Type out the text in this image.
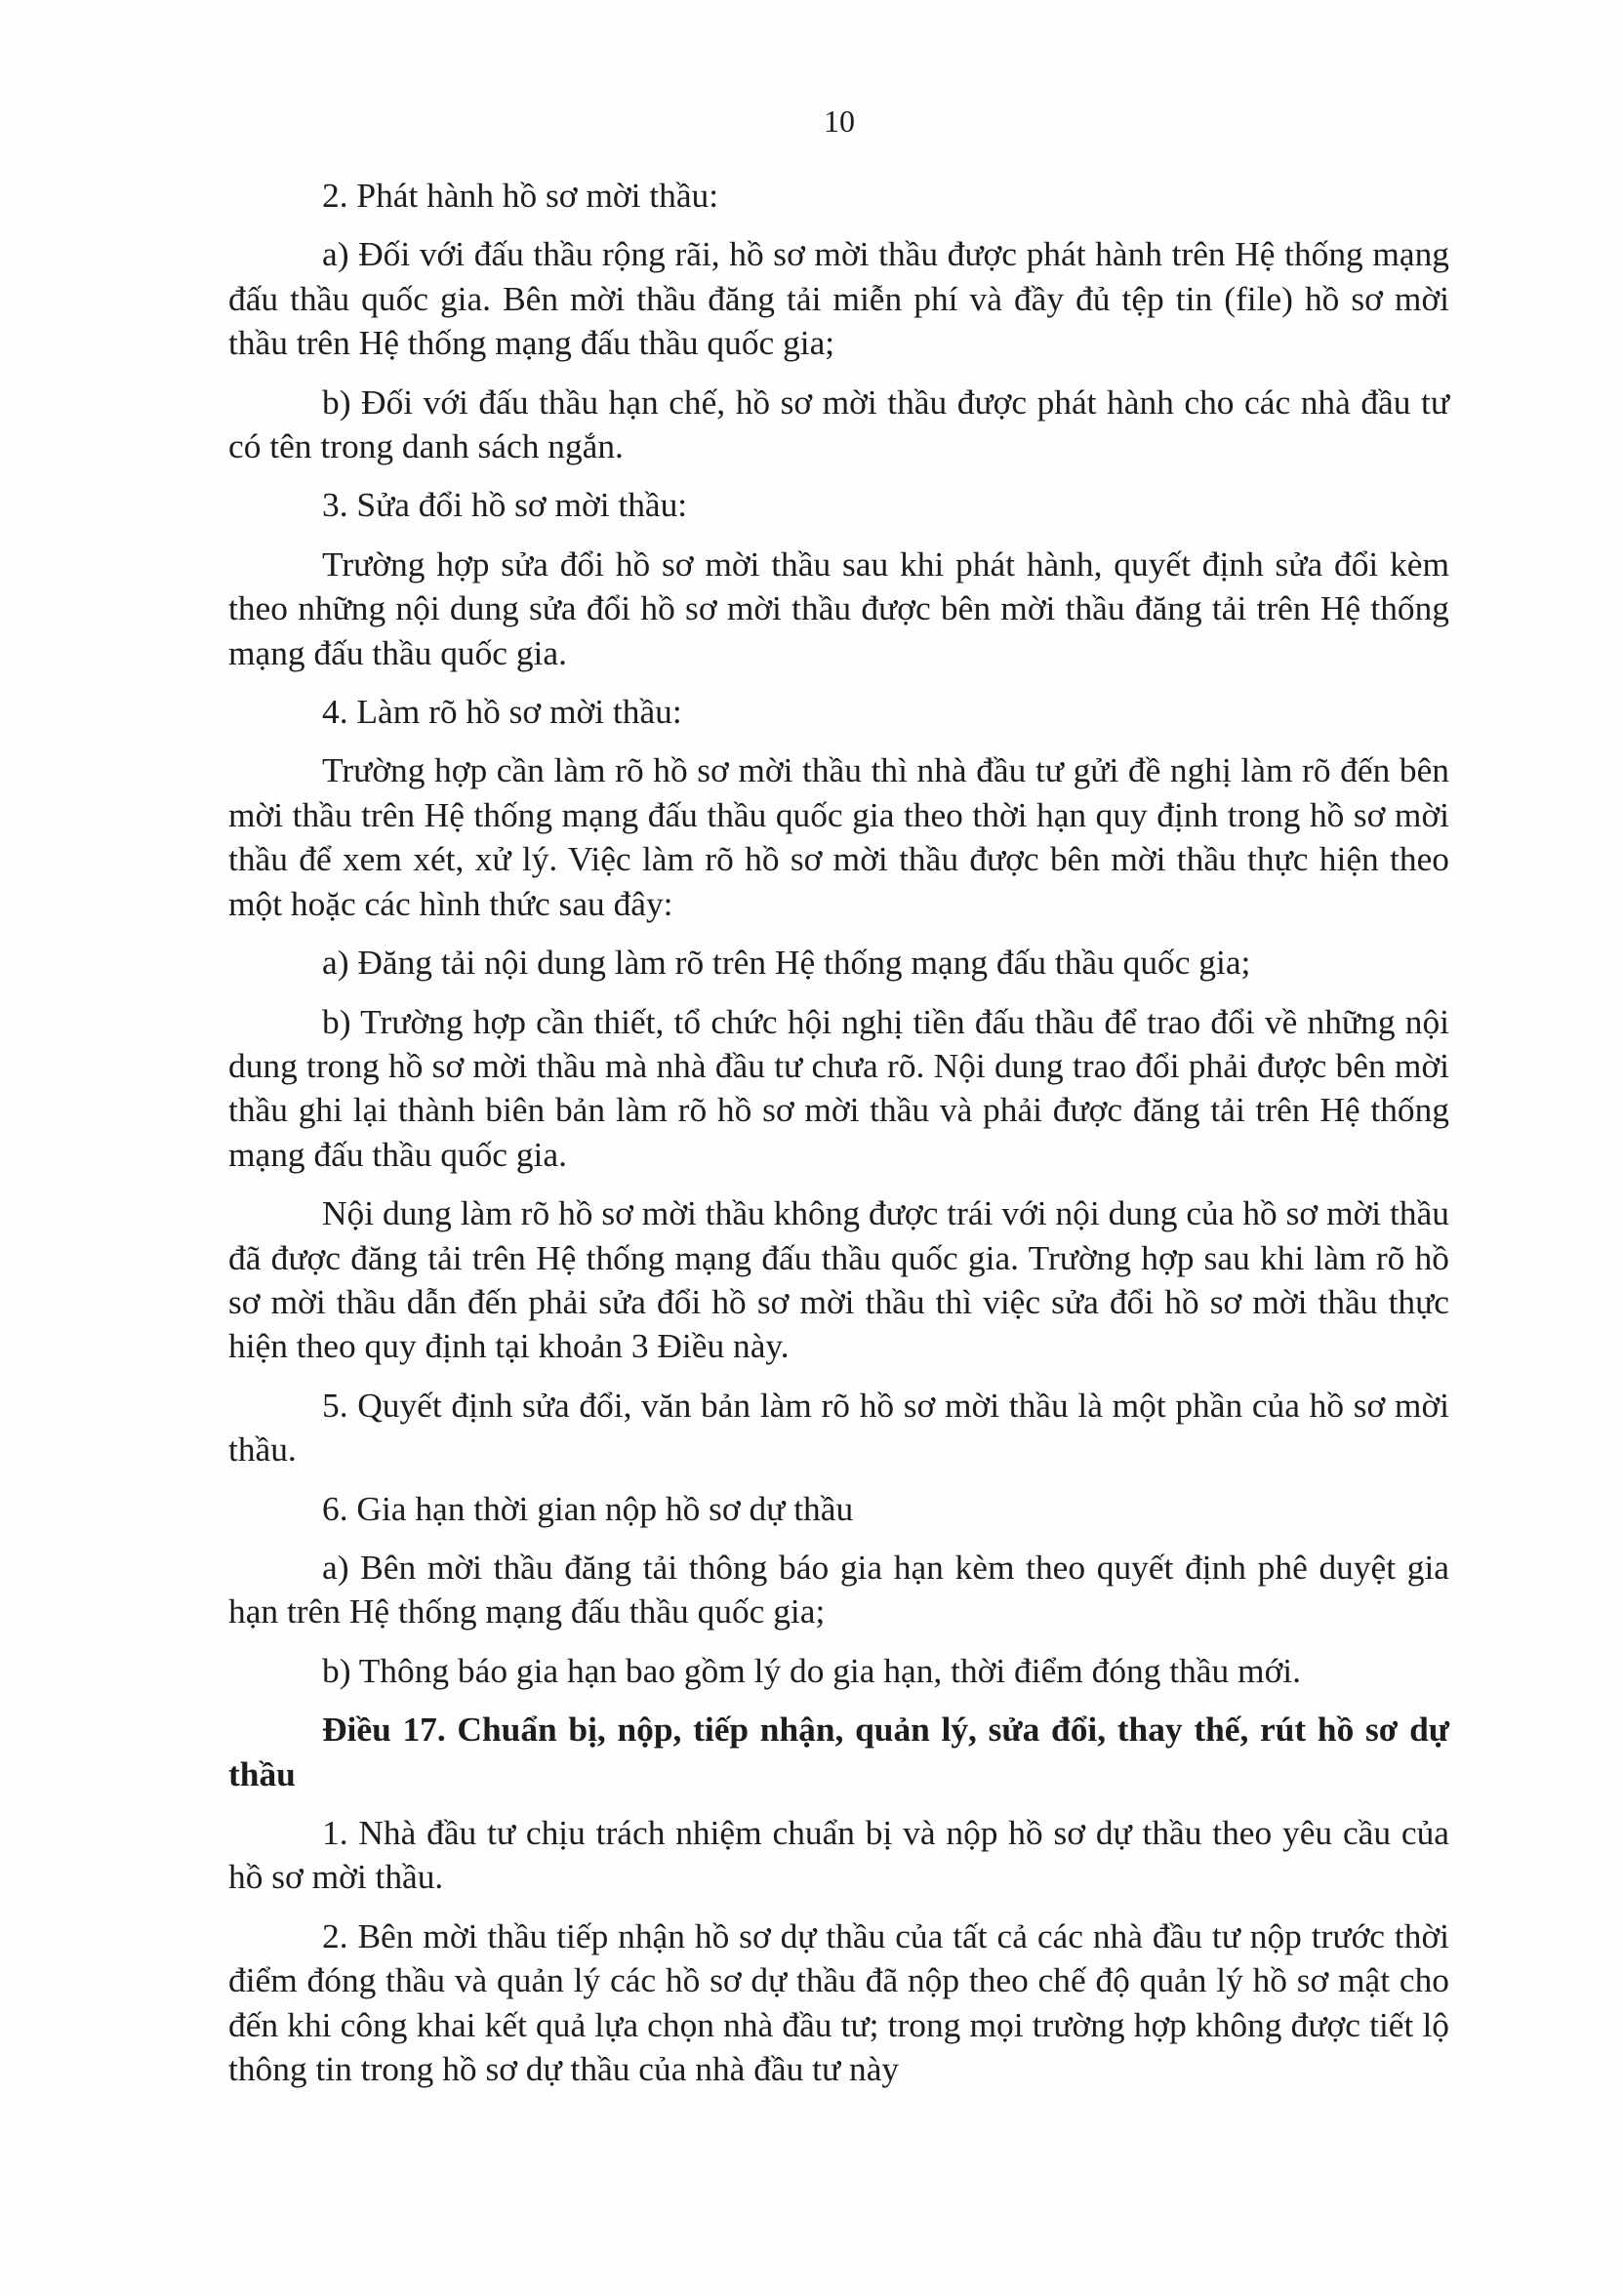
10

2. Phát hành hồ sơ mời thầu:

a) Đối với đấu thầu rộng rãi, hồ sơ mời thầu được phát hành trên Hệ thống mạng đấu thầu quốc gia. Bên mời thầu đăng tải miễn phí và đầy đủ tệp tin (file) hồ sơ mời thầu trên Hệ thống mạng đấu thầu quốc gia;

b) Đối với đấu thầu hạn chế, hồ sơ mời thầu được phát hành cho các nhà đầu tư có tên trong danh sách ngắn.

3. Sửa đổi hồ sơ mời thầu:

Trường hợp sửa đổi hồ sơ mời thầu sau khi phát hành, quyết định sửa đổi kèm theo những nội dung sửa đổi hồ sơ mời thầu được bên mời thầu đăng tải trên Hệ thống mạng đấu thầu quốc gia.

4. Làm rõ hồ sơ mời thầu:

Trường hợp cần làm rõ hồ sơ mời thầu thì nhà đầu tư gửi đề nghị làm rõ đến bên mời thầu trên Hệ thống mạng đấu thầu quốc gia theo thời hạn quy định trong hồ sơ mời thầu để xem xét, xử lý. Việc làm rõ hồ sơ mời thầu được bên mời thầu thực hiện theo một hoặc các hình thức sau đây:

a) Đăng tải nội dung làm rõ trên Hệ thống mạng đấu thầu quốc gia;

b) Trường hợp cần thiết, tổ chức hội nghị tiền đấu thầu để trao đổi về những nội dung trong hồ sơ mời thầu mà nhà đầu tư chưa rõ. Nội dung trao đổi phải được bên mời thầu ghi lại thành biên bản làm rõ hồ sơ mời thầu và phải được đăng tải trên Hệ thống mạng đấu thầu quốc gia.

Nội dung làm rõ hồ sơ mời thầu không được trái với nội dung của hồ sơ mời thầu đã được đăng tải trên Hệ thống mạng đấu thầu quốc gia. Trường hợp sau khi làm rõ hồ sơ mời thầu dẫn đến phải sửa đổi hồ sơ mời thầu thì việc sửa đổi hồ sơ mời thầu thực hiện theo quy định tại khoản 3 Điều này.

5. Quyết định sửa đổi, văn bản làm rõ hồ sơ mời thầu là một phần của hồ sơ mời thầu.

6. Gia hạn thời gian nộp hồ sơ dự thầu

a) Bên mời thầu đăng tải thông báo gia hạn kèm theo quyết định phê duyệt gia hạn trên Hệ thống mạng đấu thầu quốc gia;

b) Thông báo gia hạn bao gồm lý do gia hạn, thời điểm đóng thầu mới.

Điều 17. Chuẩn bị, nộp, tiếp nhận, quản lý, sửa đổi, thay thế, rút hồ sơ dự thầu

1. Nhà đầu tư chịu trách nhiệm chuẩn bị và nộp hồ sơ dự thầu theo yêu cầu của hồ sơ mời thầu.

2. Bên mời thầu tiếp nhận hồ sơ dự thầu của tất cả các nhà đầu tư nộp trước thời điểm đóng thầu và quản lý các hồ sơ dự thầu đã nộp theo chế độ quản lý hồ sơ mật cho đến khi công khai kết quả lựa chọn nhà đầu tư; trong mọi trường hợp không được tiết lộ thông tin trong hồ sơ dự thầu của nhà đầu tư này
